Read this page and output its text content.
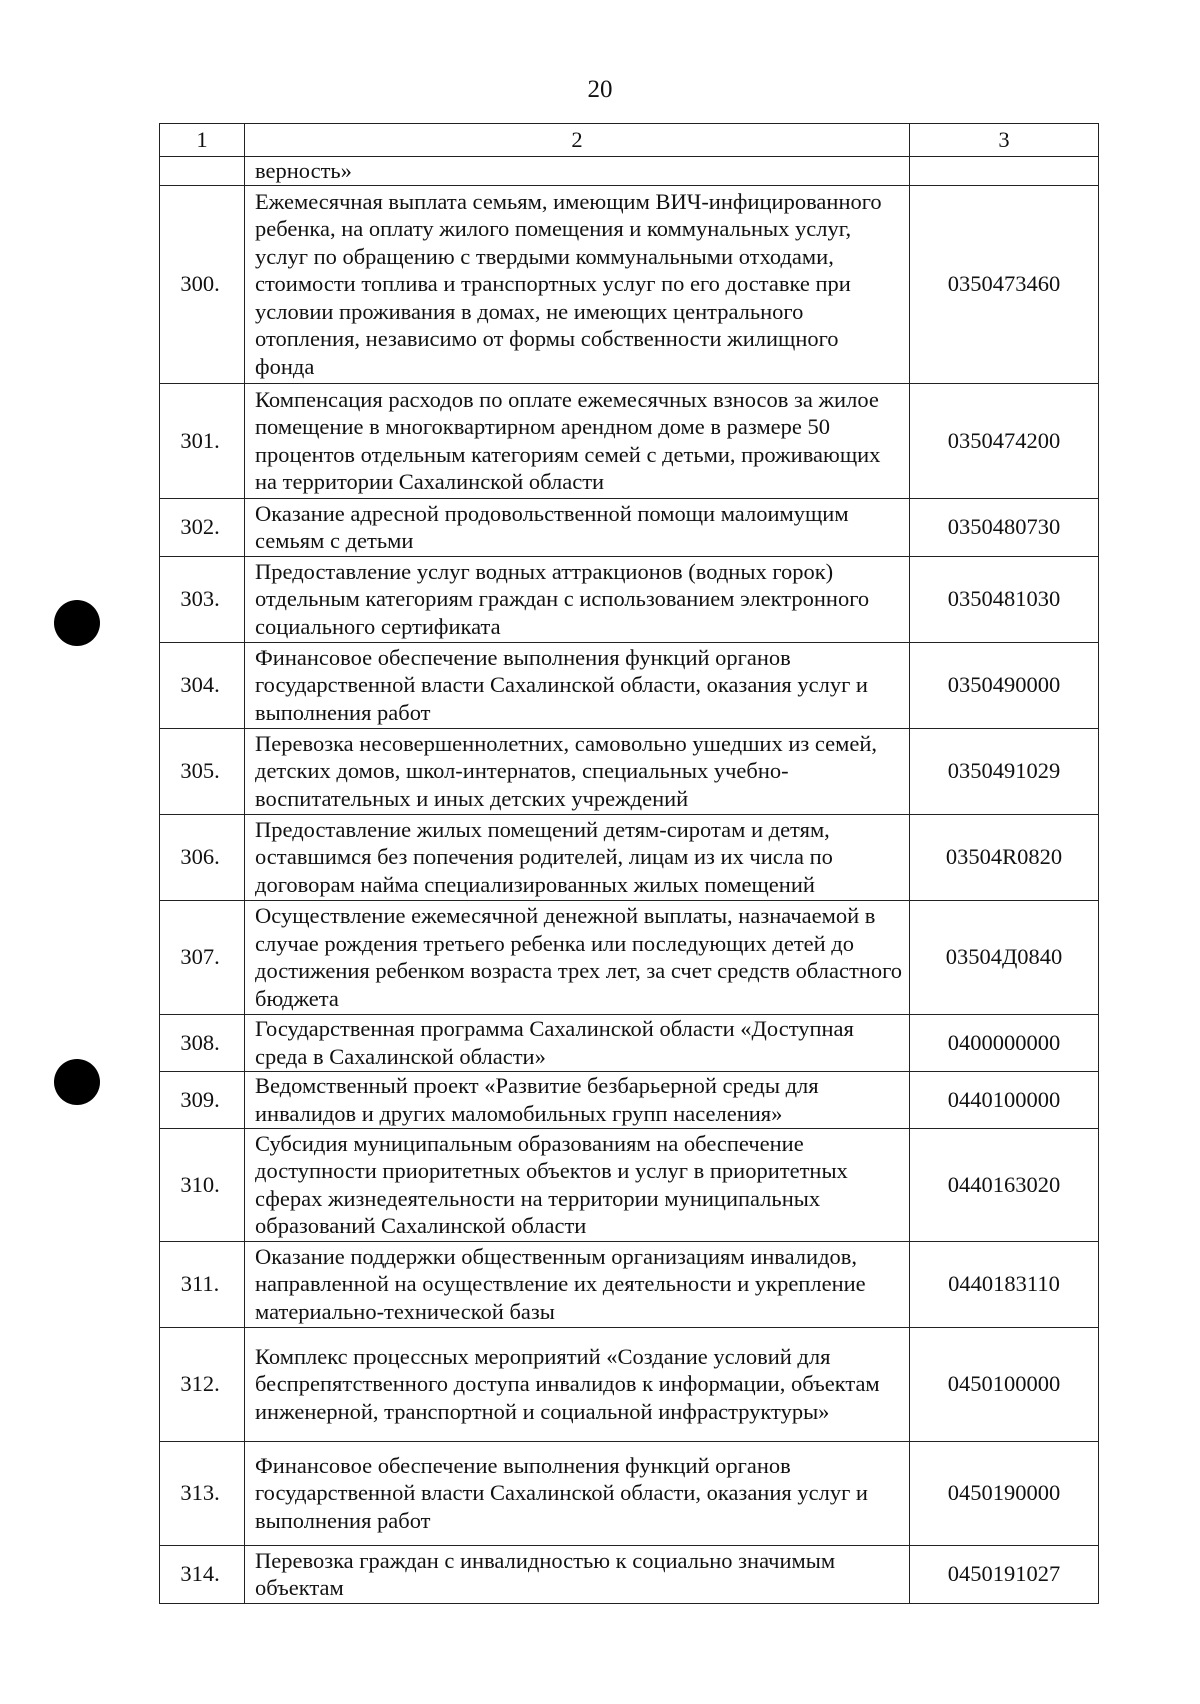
20
1	2	3
	верность»	
300.	Ежемесячная выплата семьям, имеющим ВИЧ-инфицированного ребенка, на оплату жилого помещения и коммунальных услуг, услуг по обращению с твердыми коммунальными отходами, стоимости топлива и транспортных услуг по его доставке при условии проживания в домах, не имеющих центрального отопления, независимо от формы собственности жилищного фонда	0350473460
301.	Компенсация расходов по оплате ежемесячных взносов за жилое помещение в многоквартирном арендном доме в размере 50 процентов отдельным категориям семей с детьми, проживающих на территории Сахалинской области	0350474200
302.	Оказание адресной продовольственной помощи малоимущим семьям с детьми	0350480730
303.	Предоставление услуг водных аттракционов (водных горок) отдельным категориям граждан с использованием электронного социального сертификата	0350481030
304.	Финансовое обеспечение выполнения функций органов государственной власти Сахалинской области, оказания услуг и выполнения работ	0350490000
305.	Перевозка несовершеннолетних, самовольно ушедших из семей, детских домов, школ-интернатов, специальных учебно-воспитательных и иных детских учреждений	0350491029
306.	Предоставление жилых помещений детям-сиротам и детям, оставшимся без попечения родителей, лицам из их числа по договорам найма специализированных жилых помещений	03504R0820
307.	Осуществление ежемесячной денежной выплаты, назначаемой в случае рождения третьего ребенка или последующих детей до достижения ребенком возраста трех лет, за счет средств областного бюджета	03504Д0840
308.	Государственная программа Сахалинской области «Доступная среда в Сахалинской области»	0400000000
309.	Ведомственный проект «Развитие безбарьерной среды для инвалидов и других маломобильных групп населения»	0440100000
310.	Субсидия муниципальным образованиям на обеспечение доступности приоритетных объектов и услуг в приоритетных сферах жизнедеятельности на территории муниципальных образований Сахалинской области	0440163020
311.	Оказание поддержки общественным организациям инвалидов, направленной на осуществление их деятельности и укрепление материально-технической базы	0440183110
312.	Комплекс процессных мероприятий «Создание условий для беспрепятственного доступа инвалидов к информации, объектам инженерной, транспортной и социальной инфраструктуры»	0450100000
313.	Финансовое обеспечение выполнения функций органов государственной власти Сахалинской области, оказания услуг и выполнения работ	0450190000
314.	Перевозка граждан с инвалидностью к социально значимым объектам	0450191027
